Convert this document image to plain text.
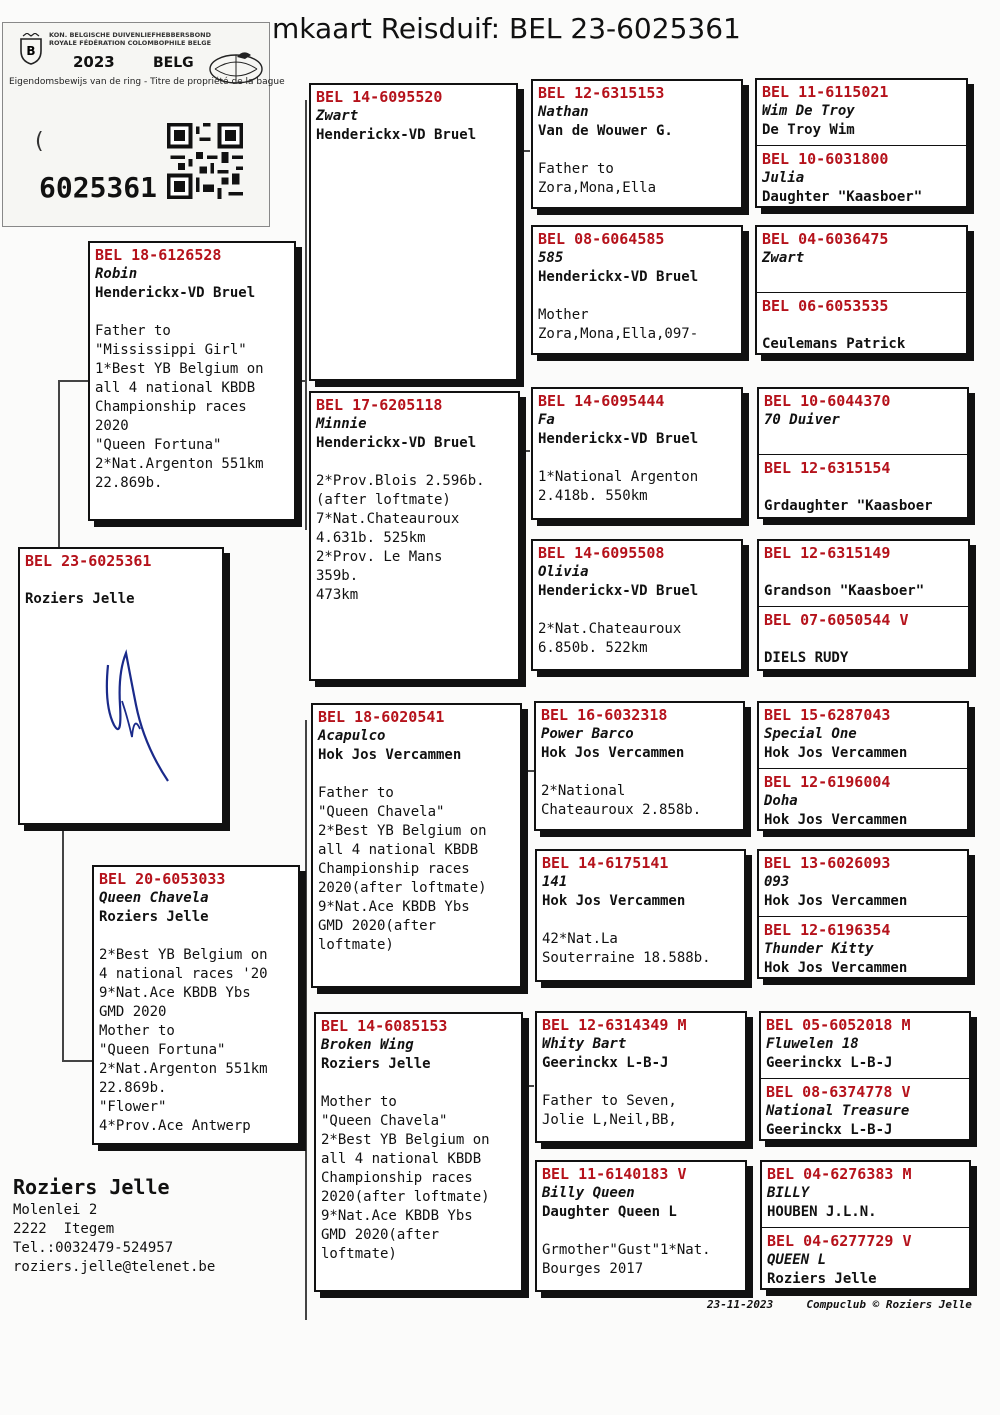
mkaart Reisduif: BEL 23-6025361
B
KON. BELGISCHE DUIVENLIEFHEBBERSBOND
ROYALE FÉDÉRATION COLOMBOPHILE BELGE
2023	BELG
Eigendomsbewijs van de ring - Titre de propriété de la bague
(
6025361
BEL 23-6025361
Roziers Jelle
BEL 18-6126528
Robin
Henderickx-VD Bruel
Father to
"Mississippi Girl"
1*Best YB Belgium on
all 4 national KBDB
Championship races
2020
"Queen Fortuna"
2*Nat.Argenton 551km
22.869b.
BEL 20-6053033
Queen Chavela
Roziers Jelle
2*Best YB Belgium on
4 national races '20
9*Nat.Ace KBDB Ybs
GMD 2020
Mother to
"Queen Fortuna"
2*Nat.Argenton 551km
22.869b.
"Flower"
4*Prov.Ace Antwerp
BEL 14-6095520
Zwart
Henderickx-VD Bruel
BEL 17-6205118
Minnie
Henderickx-VD Bruel
2*Prov.Blois 2.596b.
(after loftmate)
7*Nat.Chateauroux
4.631b. 525km
2*Prov. Le Mans
359b.
473km
BEL 18-6020541
Acapulco
Hok Jos Vercammen
Father to
"Queen Chavela"
2*Best YB Belgium on
all 4 national KBDB
Championship races
2020(after loftmate)
9*Nat.Ace KBDB Ybs
GMD 2020(after
loftmate)
BEL 14-6085153
Broken Wing
Roziers Jelle
Mother to
"Queen Chavela"
2*Best YB Belgium on
all 4 national KBDB
Championship races
2020(after loftmate)
9*Nat.Ace KBDB Ybs
GMD 2020(after
loftmate)
BEL 12-6315153
Nathan
Van de Wouwer G.
Father to
Zora,Mona,Ella
BEL 08-6064585
585
Henderickx-VD Bruel
Mother
Zora,Mona,Ella,097-
BEL 14-6095444
Fa
Henderickx-VD Bruel
1*National Argenton
2.418b. 550km
BEL 14-6095508
Olivia
Henderickx-VD Bruel
2*Nat.Chateauroux
6.850b. 522km
BEL 16-6032318
Power Barco
Hok Jos Vercammen
2*National
Chateauroux 2.858b.
BEL 14-6175141
141
Hok Jos Vercammen
42*Nat.La
Souterraine 18.588b.
BEL 12-6314349 M
Whity Bart
Geerinckx L-B-J
Father to Seven,
Jolie L,Neil,BB,
BEL 11-6140183 V
Billy Queen
Daughter Queen L
Grmother"Gust"1*Nat.
Bourges 2017
BEL 11-6115021
Wim De Troy
De Troy Wim
BEL 10-6031800
Julia
Daughter "Kaasboer"
BEL 04-6036475
Zwart
BEL 06-6053535
Ceulemans Patrick
BEL 10-6044370
70 Duiver
BEL 12-6315154
Grdaughter "Kaasboer
BEL 12-6315149
Grandson "Kaasboer"
BEL 07-6050544 V
DIELS RUDY
BEL 15-6287043
Special One
Hok Jos Vercammen
BEL 12-6196004
Doha
Hok Jos Vercammen
BEL 13-6026093
093
Hok Jos Vercammen
BEL 12-6196354
Thunder Kitty
Hok Jos Vercammen
BEL 05-6052018 M
Fluwelen 18
Geerinckx L-B-J
BEL 08-6374778 V
National Treasure
Geerinckx L-B-J
BEL 04-6276383 M
BILLY
HOUBEN J.L.N.
BEL 04-6277729 V
QUEEN L
Roziers Jelle
Roziers Jelle
Molenlei 2
2222  Itegem
Tel.:0032479-524957
roziers.jelle@telenet.be
23-11-2023	Compuclub © Roziers Jelle
